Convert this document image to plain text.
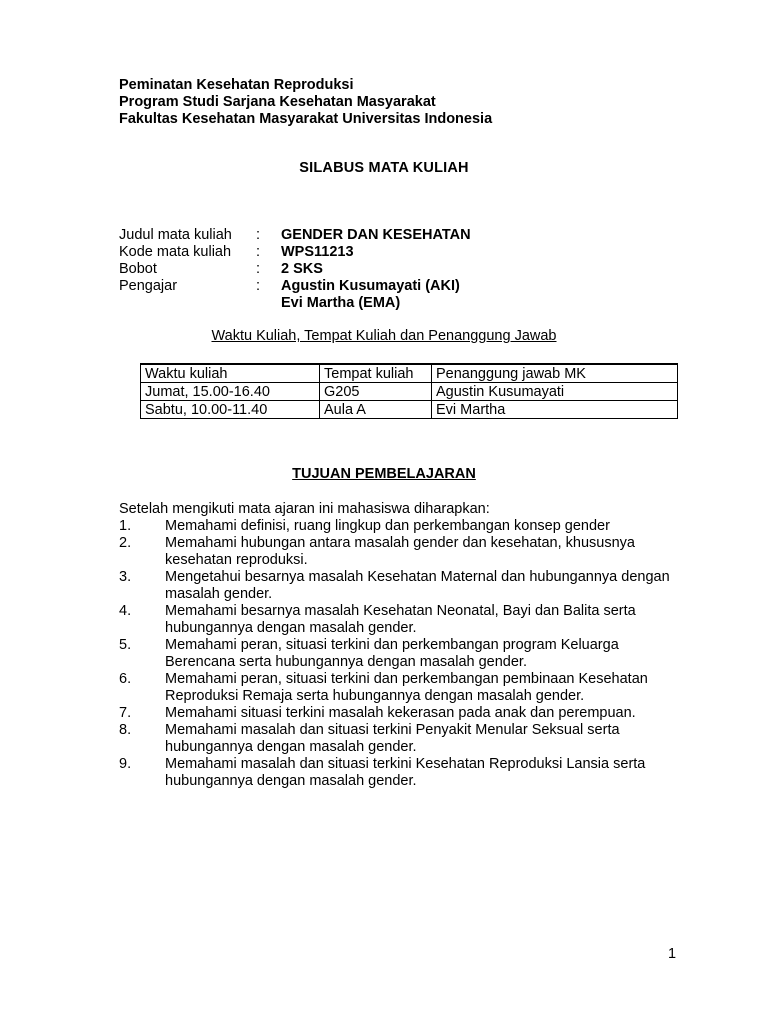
Peminatan Kesehatan Reproduksi
Program Studi Sarjana Kesehatan Masyarakat
Fakultas Kesehatan Masyarakat Universitas Indonesia
SILABUS MATA KULIAH
Judul mata kuliah	:	GENDER DAN KESEHATAN
Kode mata kuliah	:	WPS11213
Bobot	:	2 SKS
Pengajar	:	Agustin Kusumayati (AKI)
Evi Martha (EMA)
Waktu Kuliah, Tempat Kuliah dan Penanggung Jawab
Waktu kuliah	Tempat kuliah	Penanggung jawab MK
Jumat, 15.00-16.40	G205	Agustin Kusumayati
Sabtu, 10.00-11.40	Aula A	Evi Martha
TUJUAN PEMBELAJARAN
Setelah mengikuti mata ajaran ini mahasiswa diharapkan:
1.	Memahami definisi, ruang lingkup dan perkembangan konsep gender
2.	Memahami hubungan antara masalah gender dan kesehatan, khususnya kesehatan reproduksi.
3.	Mengetahui besarnya masalah Kesehatan Maternal dan hubungannya dengan masalah gender.
4.	Memahami besarnya masalah Kesehatan Neonatal, Bayi dan Balita serta hubungannya dengan masalah gender.
5.	Memahami peran, situasi terkini dan perkembangan program Keluarga Berencana serta hubungannya dengan masalah gender.
6.	Memahami peran, situasi terkini dan perkembangan pembinaan Kesehatan Reproduksi Remaja serta hubungannya dengan masalah gender.
7.	Memahami situasi terkini masalah kekerasan pada anak dan perempuan.
8.	Memahami masalah dan situasi terkini Penyakit Menular Seksual serta hubungannya dengan masalah gender.
9.	Memahami masalah dan situasi terkini Kesehatan Reproduksi Lansia serta hubungannya dengan masalah gender.
1
